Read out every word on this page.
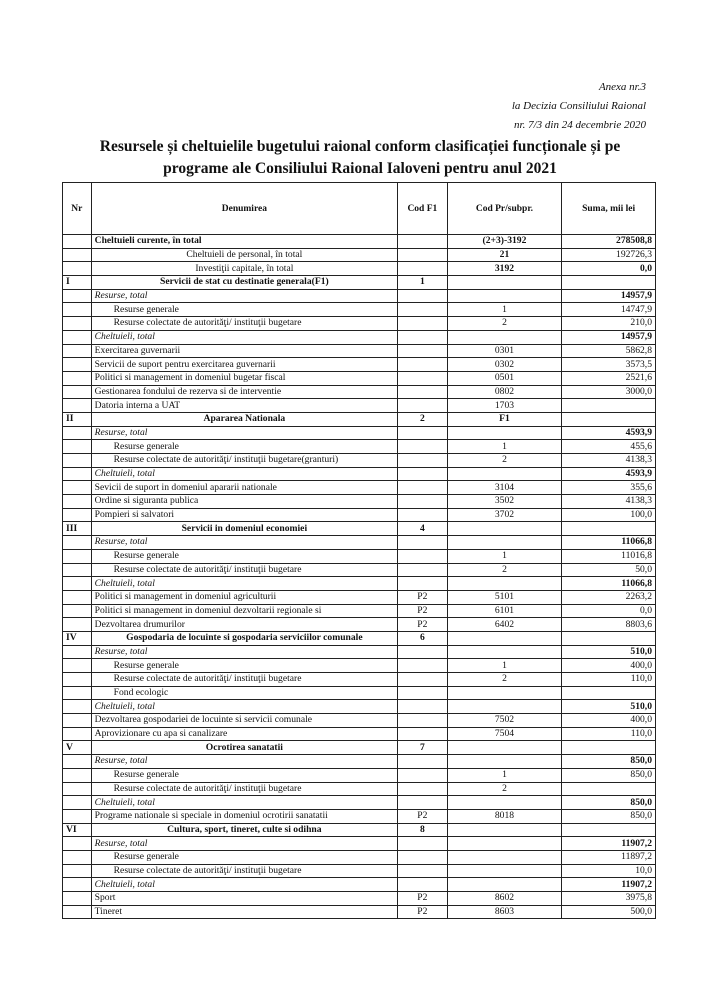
Anexa nr.3
la Decizia Consiliului Raional
nr. 7/3 din 24 decembrie 2020
Resursele și cheltuielile bugetului raional conform clasificației funcționale și pe
programe ale Consiliului Raional Ialoveni pentru anul 2021
Nr	Denumirea	Cod F1	Cod Pr/subpr.	Suma, mii lei
	Cheltuieli curente, în total		(2+3)-3192	278508,8
	Cheltuieli de personal, în total		21	192726,3
	Investiţii capitale, în total		3192	0,0
I	Servicii de stat cu destinatie generala(F1)	1		
	Resurse, total			14957,9
	Resurse generale		1	14747,9
	Resurse colectate de autorităţi/ instituţii bugetare		2	210,0
	Cheltuieli, total			14957,9
	Exercitarea guvernarii		0301	5862,8
	Servicii de suport pentru exercitarea guvernarii		0302	3573,5
	Politici si management in domeniul bugetar fiscal		0501	2521,6
	Gestionarea fondului de rezerva si de interventie		0802	3000,0
	Datoria interna a UAT		1703	
II	Apararea Nationala	2	F1	
	Resurse, total			4593,9
	Resurse generale		1	455,6
	Resurse colectate de autorităţi/ instituţii bugetare(granturi)		2	4138,3
	Cheltuieli, total			4593,9
	Sevicii de suport in domeniul apararii nationale		3104	355,6
	Ordine si siguranta publica		3502	4138,3
	Pompieri si salvatori		3702	100,0
III	Servicii in domeniul economiei	4		
	Resurse, total			11066,8
	Resurse generale		1	11016,8
	Resurse colectate de autorităţi/ instituţii bugetare		2	50,0
	Cheltuieli, total			11066,8
	Politici si management in domeniul agriculturii	P2	5101	2263,2
	Politici si management in domeniul dezvoltarii regionale si	P2	6101	0,0
	Dezvoltarea drumurilor	P2	6402	8803,6
IV	Gospodaria de locuinte si gospodaria serviciilor comunale	6		
	Resurse, total			510,0
	Resurse generale		1	400,0
	Resurse colectate de autorităţi/ instituţii bugetare		2	110,0
	Fond ecologic			
	Cheltuieli, total			510,0
	Dezvoltarea gospodariei de locuinte si servicii comunale		7502	400,0
	Aprovizionare cu apa si canalizare		7504	110,0
V	Ocrotirea sanatatii	7		
	Resurse, total			850,0
	Resurse generale		1	850,0
	Resurse colectate de autorităţi/ instituţii bugetare		2	
	Cheltuieli, total			850,0
	Programe nationale si speciale in domeniul ocrotirii sanatatii	P2	8018	850,0
VI	Cultura, sport, tineret, culte si odihna	8		
	Resurse, total			11907,2
	Resurse generale			11897,2
	Resurse colectate de autorităţi/ instituţii bugetare			10,0
	Cheltuieli, total			11907,2
	Sport	P2	8602	3975,8
	Tineret	P2	8603	500,0
